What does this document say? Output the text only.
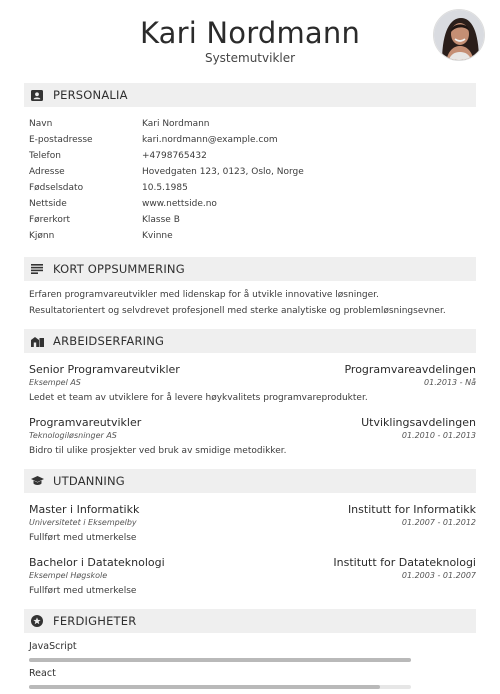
Kari Nordmann
Systemutvikler
PERSONALIA
Navn	Kari Nordmann
E-postadresse	kari.nordmann@example.com
Telefon	+4798765432
Adresse	Hovedgaten 123, 0123, Oslo, Norge
Fødselsdato	10.5.1985
Nettside	www.nettside.no
Førerkort	Klasse B
Kjønn	Kvinne
KORT OPPSUMMERING
Erfaren programvareutvikler med lidenskap for å utvikle innovative løsninger.
Resultatorientert og selvdrevet profesjonell med sterke analytiske og problemløsningsevner.
ARBEIDSERFARING
Senior Programvareutvikler	Programvareavdelingen
Eksempel AS	01.2013 - Nå
Ledet et team av utviklere for å levere høykvalitets programvareprodukter.
Programvareutvikler	Utviklingsavdelingen
Teknologiløsninger AS	01.2010 - 01.2013
Bidro til ulike prosjekter ved bruk av smidige metodikker.
UTDANNING
Master i Informatikk	Institutt for Informatikk
Universitetet i Eksempelby	01.2007 - 01.2012
Fullført med utmerkelse
Bachelor i Datateknologi	Institutt for Datateknologi
Eksempel Høgskole	01.2003 - 01.2007
Fullført med utmerkelse
FERDIGHETER
JavaScript
React
